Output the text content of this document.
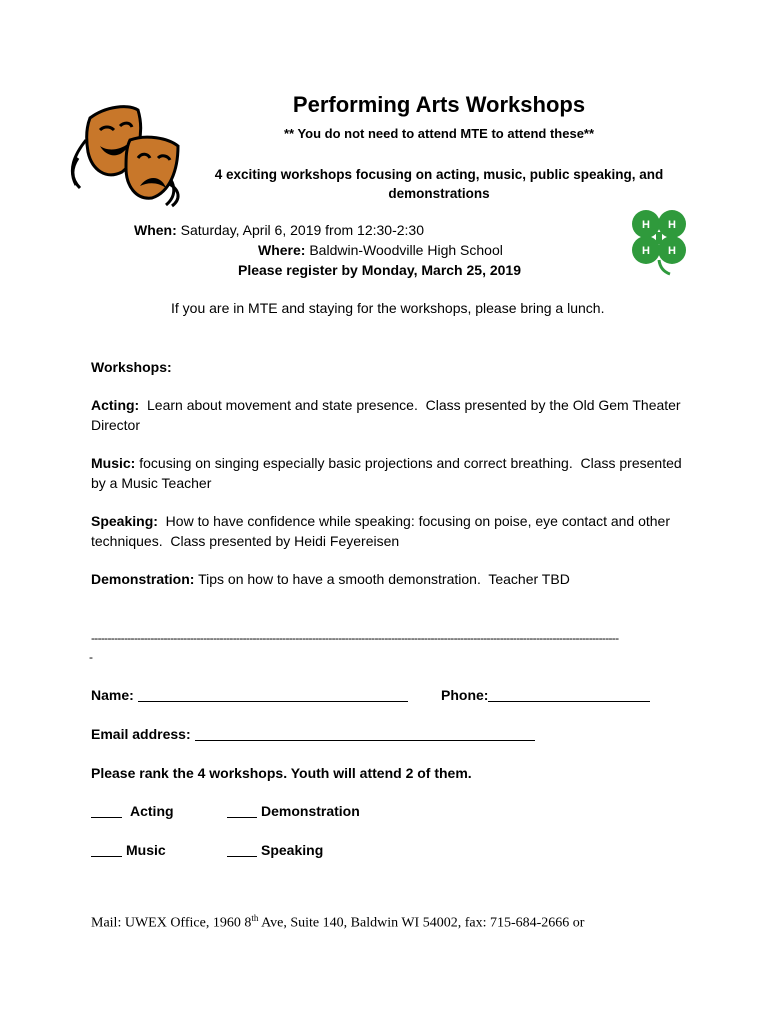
H H
H H
Performing Arts Workshops
** You do not need to attend MTE to attend these**
4 exciting workshops focusing on acting, music, public speaking, and demonstrations
When: Saturday, April 6, 2019 from 12:30-2:30
Where: Baldwin-Woodville High School
Please register by Monday, March 25, 2019
If you are in MTE and staying for the workshops, please bring a lunch.
Workshops:
Acting:  Learn about movement and state presence.  Class presented by the Old Gem Theater Director
Music: focusing on singing especially basic projections and correct breathing.  Class presented by a Music Teacher
Speaking:  How to have confidence while speaking: focusing on poise, eye contact and other techniques.  Class presented by Heidi Feyereisen
Demonstration: Tips on how to have a smooth demonstration.  Teacher TBD
----------------------------------------------------------------------------------------------------------------------------------------------------------------
-
Name:	Phone:
Email address:
Please rank the 4 workshops. Youth will attend 2 of them.
Acting	Demonstration
Music	Speaking
Mail: UWEX Office, 1960 8th Ave, Suite 140, Baldwin WI 54002, fax: 715-684-2666 or
